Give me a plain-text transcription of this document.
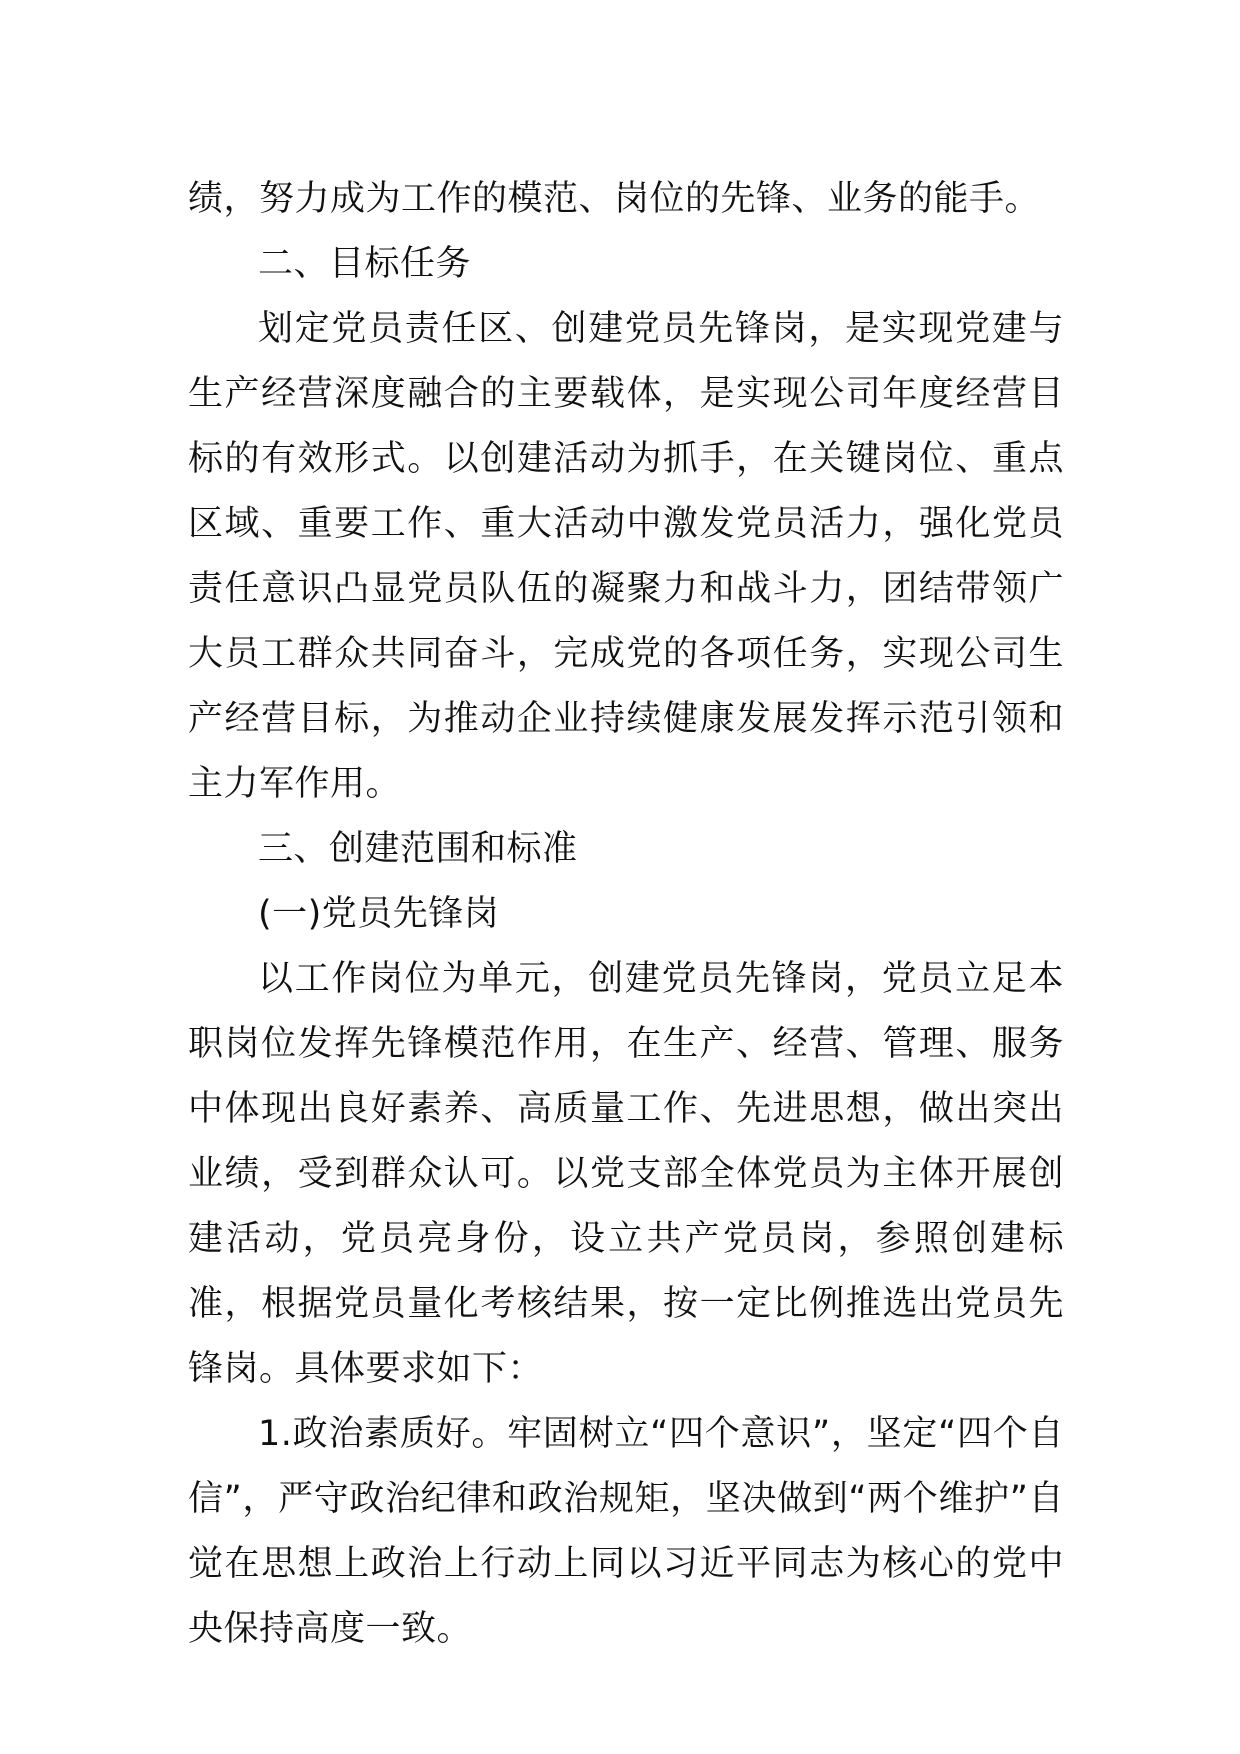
绩，努力成为工作的模范、岗位的先锋、业务的能手。

二、目标任务

划定党员责任区、创建党员先锋岗，是实现党建与生产经营深度融合的主要载体，是实现公司年度经营目标的有效形式。以创建活动为抓手，在关键岗位、重点区域、重要工作、重大活动中激发党员活力，强化党员责任意识凸显党员队伍的凝聚力和战斗力，团结带领广大员工群众共同奋斗，完成党的各项任务，实现公司生产经营目标，为推动企业持续健康发展发挥示范引领和主力军作用。

三、创建范围和标准

(一)党员先锋岗

以工作岗位为单元，创建党员先锋岗，党员立足本职岗位发挥先锋模范作用，在生产、经营、管理、服务中体现出良好素养、高质量工作、先进思想，做出突出业绩，受到群众认可。以党支部全体党员为主体开展创建活动，党员亮身份，设立共产党员岗，参照创建标准，根据党员量化考核结果，按一定比例推选出党员先锋岗。具体要求如下：

1.政治素质好。牢固树立“四个意识”，坚定“四个自信”，严守政治纪律和政治规矩，坚决做到“两个维护”自觉在思想上政治上行动上同以习近平同志为核心的党中央保持高度一致。
